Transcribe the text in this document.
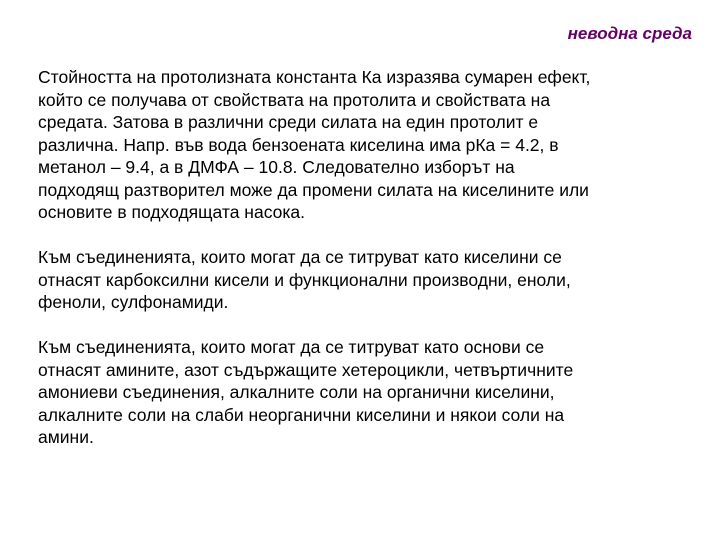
неводна среда

Стойността на протолизната константа Ка изразява сумарен ефект,
който се получава от свойствата на протолита и свойствата на
средата. Затова в различни среди силата на един протолит е
различна. Напр. във вода бензоената киселина има рКа = 4.2, в
метанол – 9.4, а в ДМФА – 10.8. Следователно изборът на
подходящ разтворител може да промени силата на киселините или
основите в подходящата насока.

Към съединенията, които могат да се титруват като киселини се
отнасят карбоксилни кисели и функционални производни, еноли,
феноли, сулфонамиди.

Към съединенията, които могат да се титруват като основи се
отнасят амините, азот съдържащите хетероцикли, четвъртичните
амониеви съединения, алкалните соли на органични киселини,
алкалните соли на слаби неорганични киселини и някои соли на
амини.
